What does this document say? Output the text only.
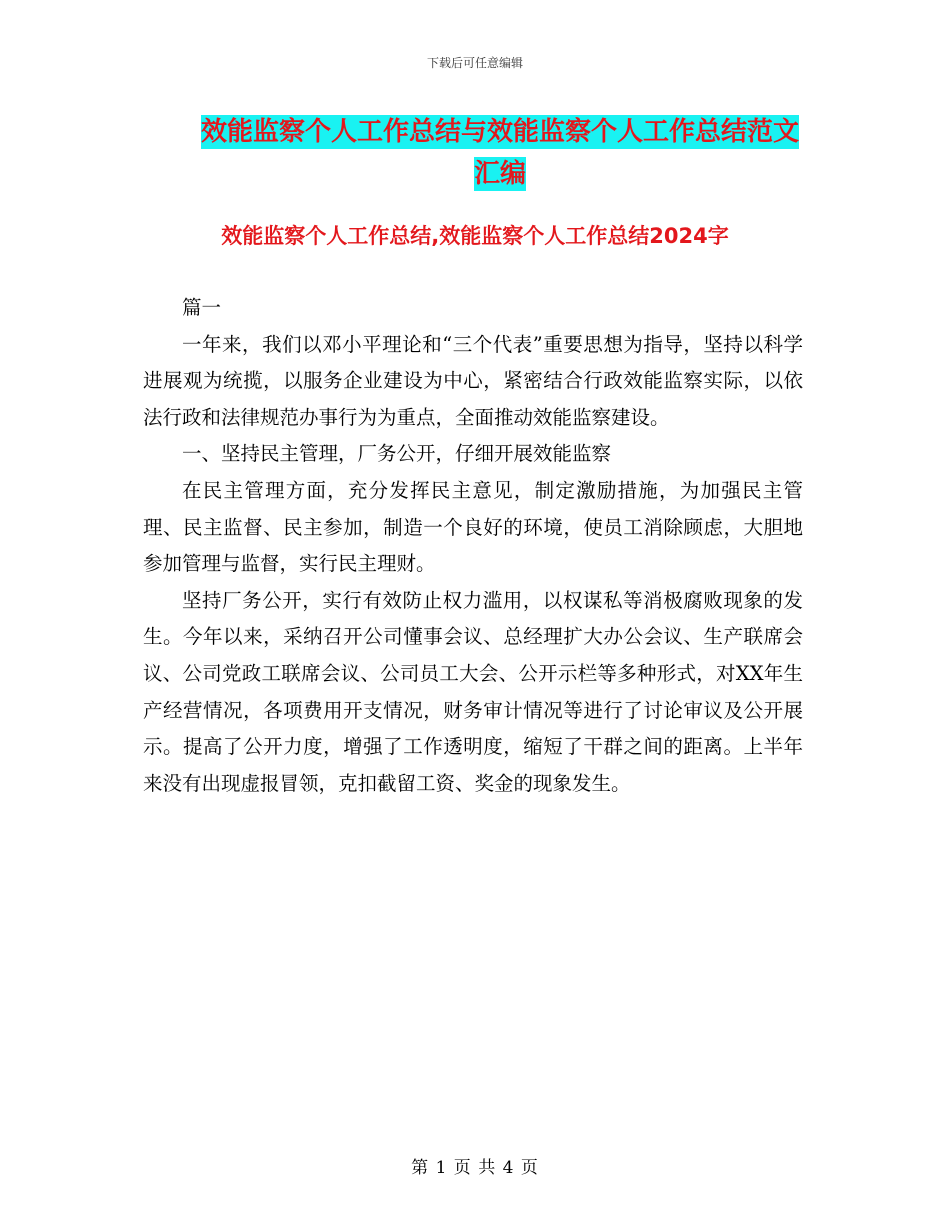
下载后可任意编辑
效能监察个人工作总结与效能监察个人工作总结范文
汇编
效能监察个人工作总结,效能监察个人工作总结2024字

篇一

一年来，我们以邓小平理论和“三个代表”重要思想为指导，坚持以科学进展观为统揽，以服务企业建设为中心，紧密结合行政效能监察实际，以依法行政和法律规范办事行为为重点，全面推动效能监察建设。

一、坚持民主管理，厂务公开，仔细开展效能监察

在民主管理方面，充分发挥民主意见，制定激励措施，为加强民主管理、民主监督、民主参加，制造一个良好的环境，使员工消除顾虑，大胆地参加管理与监督，实行民主理财。

坚持厂务公开，实行有效防止权力滥用，以权谋私等消极腐败现象的发生。今年以来，采纳召开公司懂事会议、总经理扩大办公会议、生产联席会议、公司党政工联席会议、公司员工大会、公开示栏等多种形式，对XX年生产经营情况，各项费用开支情况，财务审计情况等进行了讨论审议及公开展示。提高了公开力度，增强了工作透明度，缩短了干群之间的距离。上半年来没有出现虚报冒领，克扣截留工资、奖金的现象发生。

第 1 页 共 4 页
